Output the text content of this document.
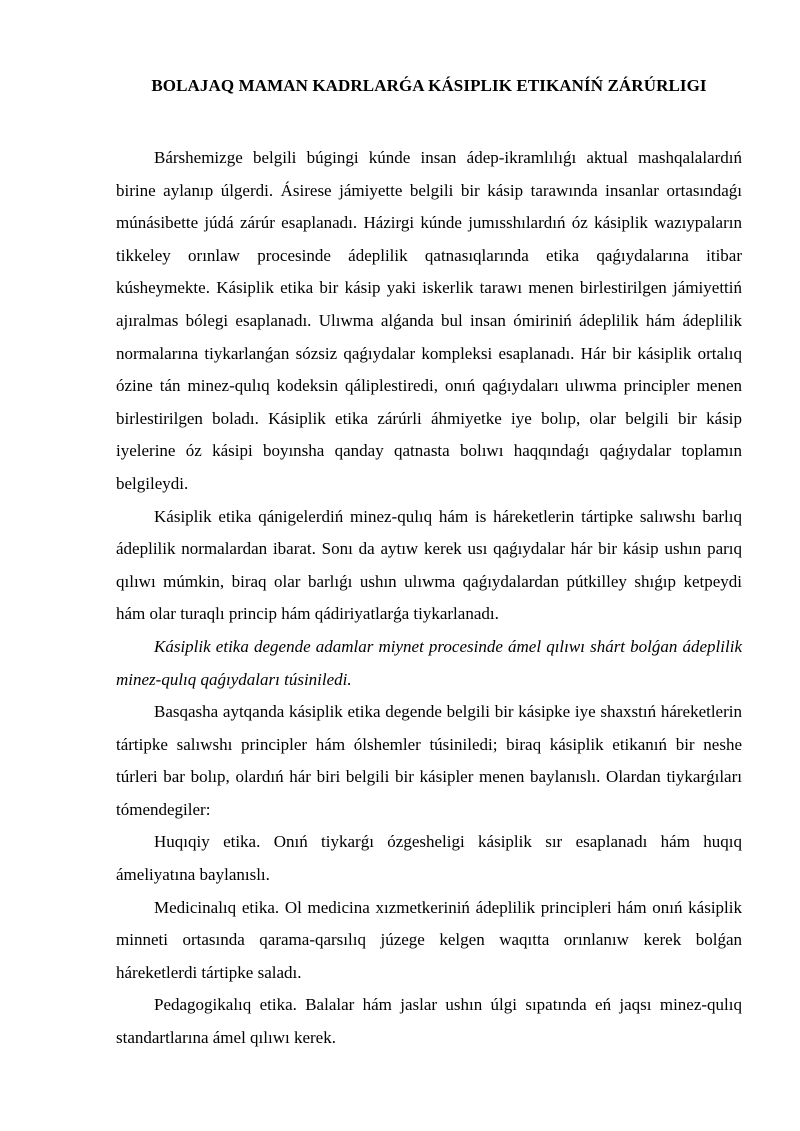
BOLAJAQ MAMAN KADRLARǴA KÁSIPLIK ETIKANÍŃ ZÁRÚRLIGI

Bárshemizge belgili búgingi kúnde insan ádep-ikramlılıǵı aktual mashqalalardıń birine aylanıp úlgerdi. Ásirese jámiyette belgili bir kásip tarawında insanlar ortasındaǵı múnásibette júdá zárúr esaplanadı. Házirgi kúnde jumısshılardıń óz kásiplik wazıypaların tikkeley orınlaw procesinde ádeplilik qatnasıqlarında etika qaǵıydalarına itibar kúsheymekte. Kásiplik etika bir kásip yaki iskerlik tarawı menen birlestirilgen jámiyettiń ajıralmas bólegi esaplanadı. Ulıwma alǵanda bul insan ómiriniń ádeplilik hám ádeplilik normalarına tiykarlanǵan sózsiz qaǵıydalar kompleksi esaplanadı. Hár bir kásiplik ortalıq ózine tán minez-qulıq kodeksin qáliplestiredi, onıń qaǵıydaları ulıwma principler menen birlestirilgen boladı. Kásiplik etika zárúrli áhmiyetke iye bolıp, olar belgili bir kásip iyelerine óz kásipi boyınsha qanday qatnasta bolıwı haqqındaǵı qaǵıydalar toplamın belgileydi.

Kásiplik etika qánigelerdiń minez-qulıq hám is háreketlerin tártipke salıwshı barlıq ádeplilik normalardan ibarat. Sonı da aytıw kerek usı qaǵıydalar hár bir kásip ushın parıq qılıwı múmkin, biraq olar barlıǵı ushın ulıwma qaǵıydalardan pútkilley shıǵıp ketpeydi hám olar turaqlı princip hám qádiriyatlarǵa tiykarlanadı.

Kásiplik etika degende adamlar miynet procesinde ámel qılıwı shárt bolǵan ádeplilik minez-qulıq qaǵıydaları túsiniledi.

Basqasha aytqanda kásiplik etika degende belgili bir kásipke iye shaxstıń háreketlerin tártipke salıwshı principler hám ólshemler túsiniledi; biraq kásiplik etikanıń bir neshe túrleri bar bolıp, olardıń hár biri belgili bir kásipler menen baylanıslı. Olardan tiykarǵıları tómendegiler:

Huqıqiy etika. Onıń tiykarǵı ózgesheligi kásiplik sır esaplanadı hám huqıq ámeliyatına baylanıslı.

Medicinalıq etika. Ol medicina xızmetkeriniń ádeplilik principleri hám onıń kásiplik minneti ortasında qarama-qarsılıq júzege kelgen waqıtta orınlanıw kerek bolǵan háreketlerdi tártipke saladı.

Pedagogikalıq etika. Balalar hám jaslar ushın úlgi sıpatında eń jaqsı minez-qulıq standartlarına ámel qılıwı kerek.
